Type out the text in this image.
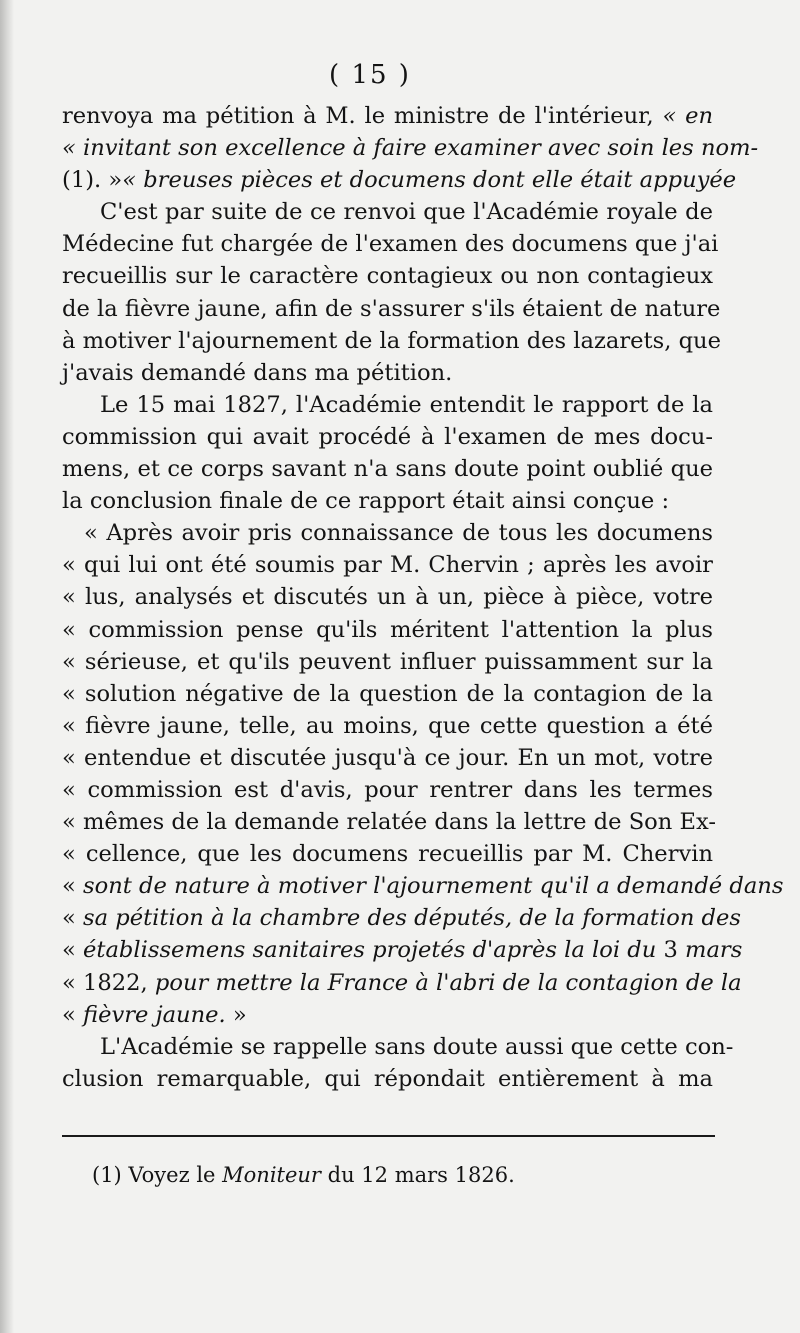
( 15 )
renvoya ma pétition à M. le ministre de l'intérieur, « en
« invitant son excellence à faire examiner avec soin les nom-
(1). »« breuses pièces et documens dont elle était appuyée
C'est par suite de ce renvoi que l'Académie royale de
Médecine fut chargée de l'examen des documens que j'ai
recueillis sur le caractère contagieux ou non contagieux
de la fièvre jaune, afin de s'assurer s'ils étaient de nature
à motiver l'ajournement de la formation des lazarets, que
j'avais demandé dans ma pétition.
Le 15 mai 1827, l'Académie entendit le rapport de la
commission qui avait procédé à l'examen de mes docu-
mens, et ce corps savant n'a sans doute point oublié que
la conclusion finale de ce rapport était ainsi conçue :
« Après avoir pris connaissance de tous les documens
« qui lui ont été soumis par M. Chervin ; après les avoir
« lus, analysés et discutés un à un, pièce à pièce, votre
« commission pense qu'ils méritent l'attention la plus
« sérieuse, et qu'ils peuvent influer puissamment sur la
« solution négative de la question de la contagion de la
« fièvre jaune, telle, au moins, que cette question a été
« entendue et discutée jusqu'à ce jour. En un mot, votre
« commission est d'avis, pour rentrer dans les termes
« mêmes de la demande relatée dans la lettre de Son Ex-
« cellence, que les documens recueillis par M. Chervin
« sont de nature à motiver l'ajournement qu'il a demandé dans
« sa pétition à la chambre des députés, de la formation des
« établissemens sanitaires projetés d'après la loi du 3 mars
« 1822, pour mettre la France à l'abri de la contagion de la
« fièvre jaune. »
L'Académie se rappelle sans doute aussi que cette con-
clusion remarquable, qui répondait entièrement à ma
(1) Voyez le Moniteur du 12 mars 1826.
